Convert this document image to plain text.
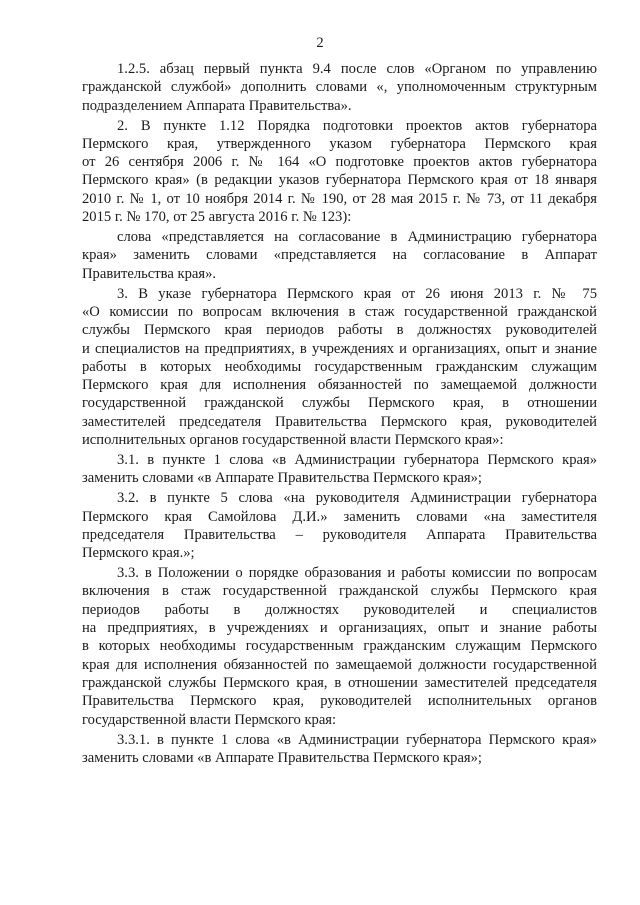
2
1.2.5. абзац первый пункта 9.4 после слов «Органом по управлению
гражданской службой» дополнить словами «, уполномоченным структурным
подразделением Аппарата Правительства».
2. В пункте 1.12 Порядка подготовки проектов актов губернатора
Пермского края, утвержденного указом губернатора Пермского края
от 26 сентября 2006 г. № 164 «О подготовке проектов актов губернатора
Пермского края» (в редакции указов губернатора Пермского края от 18 января
2010 г. № 1, от 10 ноября 2014 г. № 190, от 28 мая 2015 г. № 73, от 11 декабря
2015 г. № 170, от 25 августа 2016 г. № 123):
слова «представляется на согласование в Администрацию губернатора
края» заменить словами «представляется на согласование в Аппарат
Правительства края».
3. В указе губернатора Пермского края от 26 июня 2013 г. № 75
«О комиссии по вопросам включения в стаж государственной гражданской
службы Пермского края периодов работы в должностях руководителей
и специалистов на предприятиях, в учреждениях и организациях, опыт и знание
работы в которых необходимы государственным гражданским служащим
Пермского края для исполнения обязанностей по замещаемой должности
государственной гражданской службы Пермского края, в отношении
заместителей председателя Правительства Пермского края, руководителей
исполнительных органов государственной власти Пермского края»:
3.1. в пункте 1 слова «в Администрации губернатора Пермского края»
заменить словами «в Аппарате Правительства Пермского края»;
3.2. в пункте 5 слова «на руководителя Администрации губернатора
Пермского края Самойлова Д.И.» заменить словами «на заместителя
председателя Правительства – руководителя Аппарата Правительства
Пермского края.»;
3.3. в Положении о порядке образования и работы комиссии по вопросам
включения в стаж государственной гражданской службы Пермского края
периодов работы в должностях руководителей и специалистов
на предприятиях, в учреждениях и организациях, опыт и знание работы
в которых необходимы государственным гражданским служащим Пермского
края для исполнения обязанностей по замещаемой должности государственной
гражданской службы Пермского края, в отношении заместителей председателя
Правительства Пермского края, руководителей исполнительных органов
государственной власти Пермского края:
3.3.1. в пункте 1 слова «в Администрации губернатора Пермского края»
заменить словами «в Аппарате Правительства Пермского края»;
